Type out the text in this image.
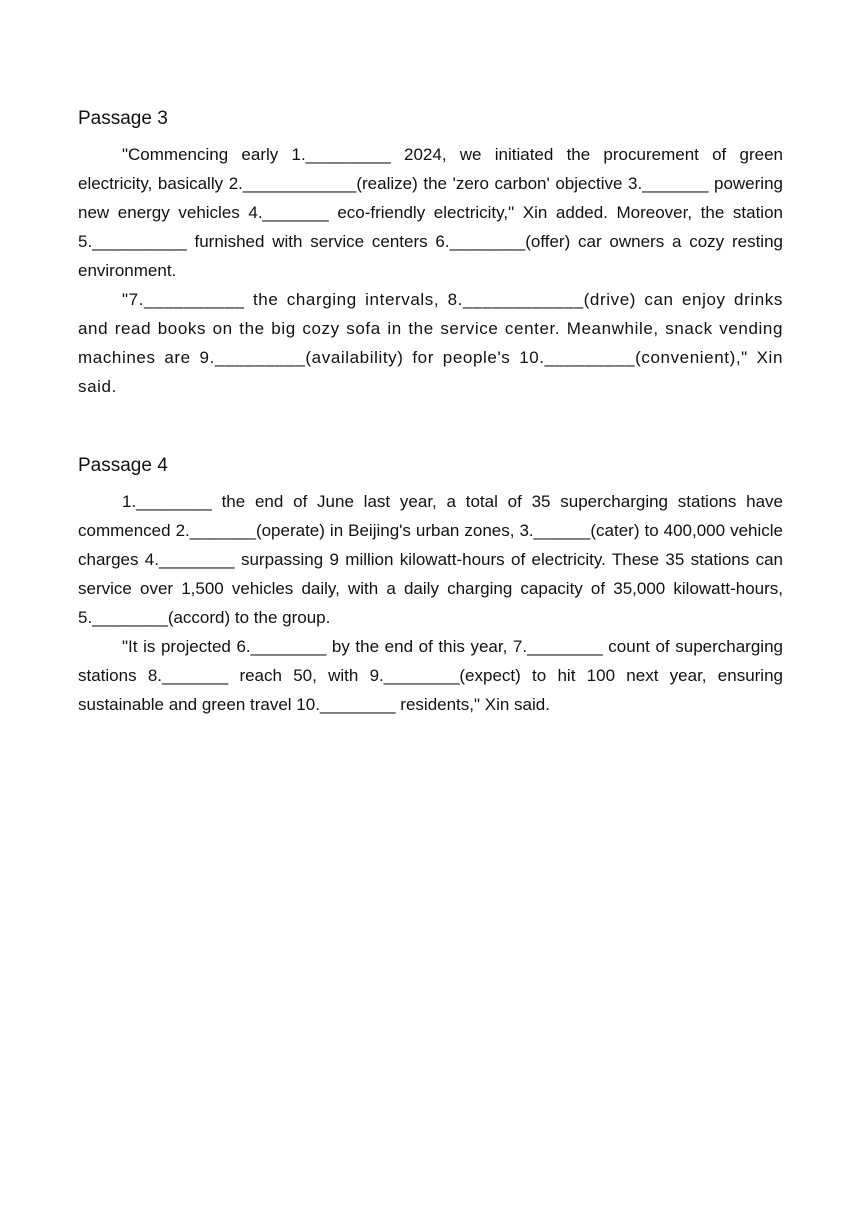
Passage 3

"Commencing early 1._________ 2024, we initiated the procurement of green electricity, basically 2.____________(realize) the 'zero carbon' objective 3._______ powering new energy vehicles 4._______ eco-friendly electricity," Xin added. Moreover, the station 5.__________ furnished with service centers 6.________(offer) car owners a cozy resting environment.

"7.__________ the charging intervals, 8.____________(drive) can enjoy drinks and read books on the big cozy sofa in the service center. Meanwhile, snack vending machines are 9._________(availability) for people's 10._________(convenient)," Xin said.

Passage 4

1.________ the end of June last year, a total of 35 supercharging stations have commenced 2._______(operate) in Beijing's urban zones, 3.______(cater) to 400,000 vehicle charges 4.________ surpassing 9 million kilowatt-hours of electricity. These 35 stations can service over 1,500 vehicles daily, with a daily charging capacity of 35,000 kilowatt-hours, 5.________(accord) to the group.

"It is projected 6.________ by the end of this year, 7.________ count of supercharging stations 8._______ reach 50, with 9.________(expect) to hit 100 next year, ensuring sustainable and green travel 10.________ residents," Xin said.
